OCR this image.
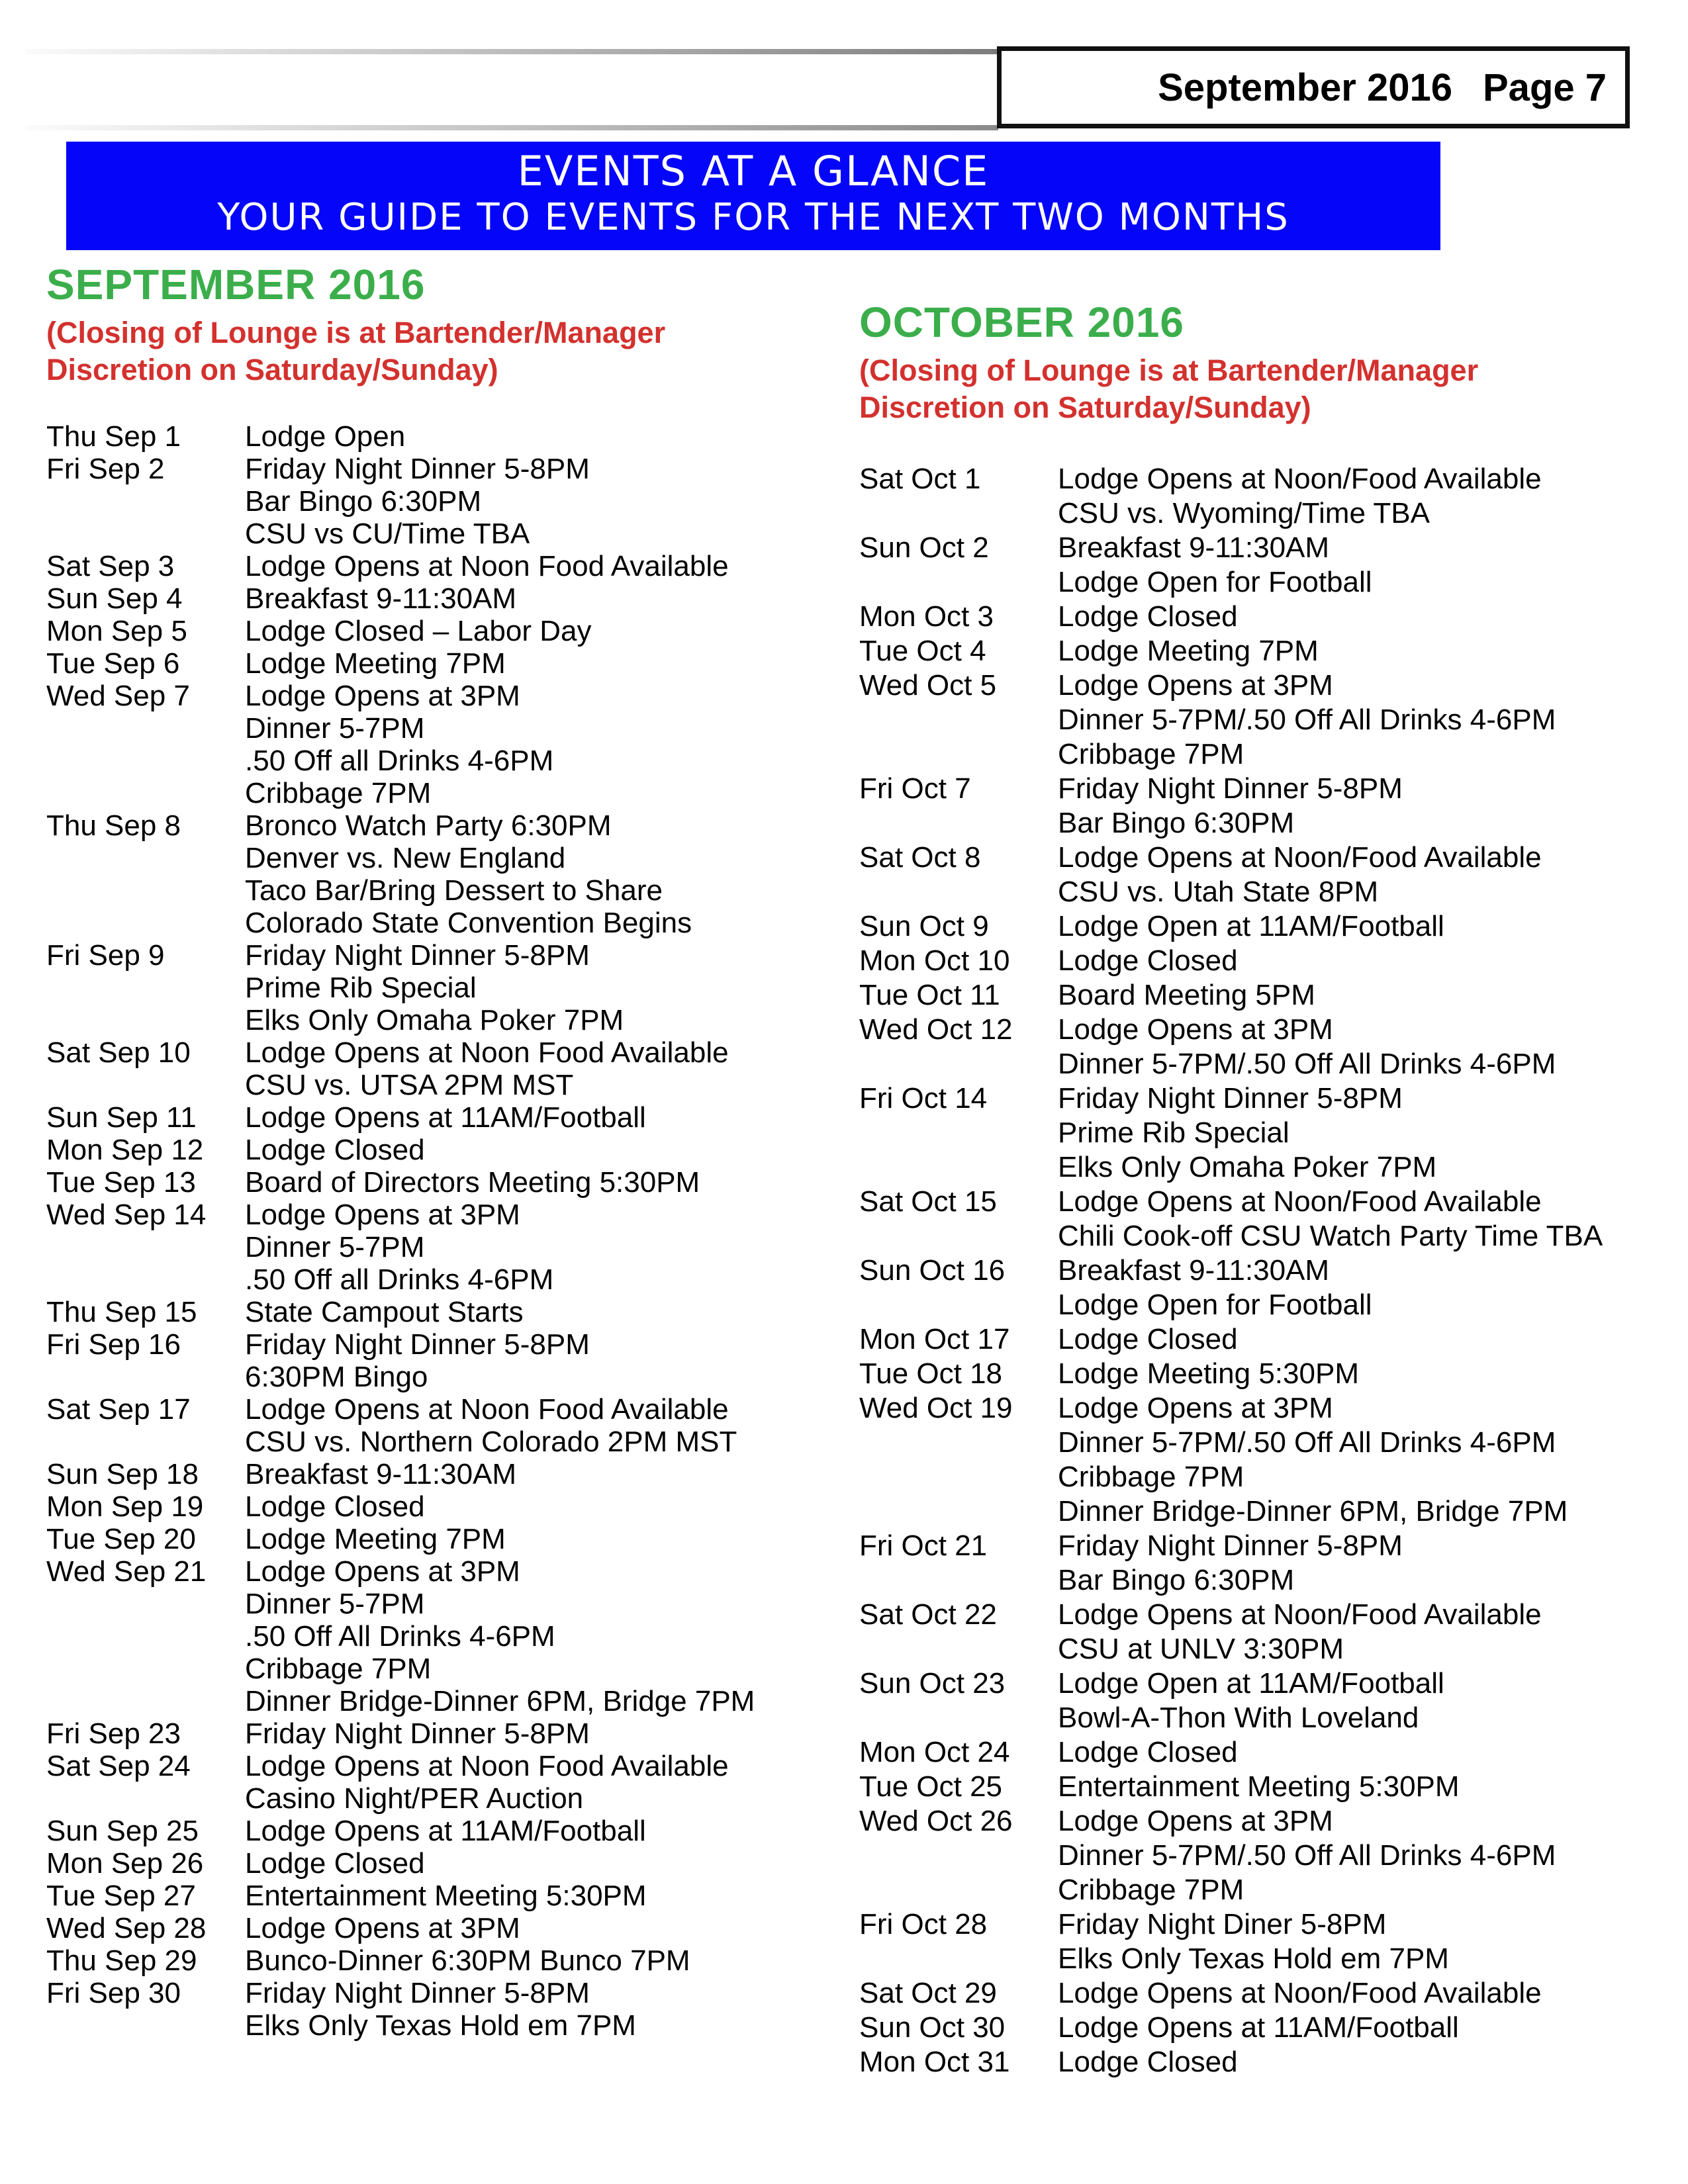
September 2016 Page 7
EVENTS AT A GLANCE
YOUR GUIDE TO EVENTS FOR THE NEXT TWO MONTHS
SEPTEMBER 2016
(Closing of Lounge is at Bartender/Manager Discretion on Saturday/Sunday)
Thu Sep 1	Lodge Open
Fri Sep 2	Friday Night Dinner 5-8PM
Bar Bingo 6:30PM
CSU vs CU/Time TBA
Sat Sep 3	Lodge Opens at Noon Food Available
Sun Sep 4	Breakfast 9-11:30AM
Mon Sep 5	Lodge Closed – Labor Day
Tue Sep 6	Lodge Meeting 7PM
Wed Sep 7	Lodge Opens at 3PM
Dinner 5-7PM
.50 Off all Drinks 4-6PM
Cribbage 7PM
Thu Sep 8	Bronco Watch Party 6:30PM
Denver vs. New England
Taco Bar/Bring Dessert to Share
Colorado State Convention Begins
Fri Sep 9	Friday Night Dinner 5-8PM
Prime Rib Special
Elks Only Omaha Poker 7PM
Sat Sep 10	Lodge Opens at Noon Food Available
CSU vs. UTSA 2PM MST
Sun Sep 11	Lodge Opens at 11AM/Football
Mon Sep 12	Lodge Closed
Tue Sep 13	Board of Directors Meeting 5:30PM
Wed Sep 14	Lodge Opens at 3PM
Dinner 5-7PM
.50 Off all Drinks 4-6PM
Thu Sep 15	State Campout Starts
Fri Sep 16	Friday Night Dinner 5-8PM
6:30PM Bingo
Sat Sep 17	Lodge Opens at Noon Food Available
CSU vs. Northern Colorado 2PM MST
Sun Sep 18	Breakfast 9-11:30AM
Mon Sep 19	Lodge Closed
Tue Sep 20	Lodge Meeting 7PM
Wed Sep 21	Lodge Opens at 3PM
Dinner 5-7PM
.50 Off All Drinks 4-6PM
Cribbage 7PM
Dinner Bridge-Dinner 6PM, Bridge 7PM
Fri Sep 23	Friday Night Dinner 5-8PM
Sat Sep 24	Lodge Opens at Noon Food Available
Casino Night/PER Auction
Sun Sep 25	Lodge Opens at 11AM/Football
Mon Sep 26	Lodge Closed
Tue Sep 27	Entertainment Meeting 5:30PM
Wed Sep 28	Lodge Opens at 3PM
Thu Sep 29	Bunco-Dinner 6:30PM Bunco 7PM
Fri Sep 30	Friday Night Dinner 5-8PM
Elks Only Texas Hold em 7PM
OCTOBER 2016
(Closing of Lounge is at Bartender/Manager Discretion on Saturday/Sunday)
Sat Oct 1	Lodge Opens at Noon/Food Available
CSU vs. Wyoming/Time TBA
Sun Oct 2	Breakfast 9-11:30AM
Lodge Open for Football
Mon Oct 3	Lodge Closed
Tue Oct 4	Lodge Meeting 7PM
Wed Oct 5	Lodge Opens at 3PM
Dinner 5-7PM/.50 Off All Drinks 4-6PM
Cribbage 7PM
Fri Oct 7	Friday Night Dinner 5-8PM
Bar Bingo 6:30PM
Sat Oct 8	Lodge Opens at Noon/Food Available
CSU vs. Utah State 8PM
Sun Oct 9	Lodge Open at 11AM/Football
Mon Oct 10	Lodge Closed
Tue Oct 11	Board Meeting 5PM
Wed Oct 12	Lodge Opens at 3PM
Dinner 5-7PM/.50 Off All Drinks 4-6PM
Fri Oct 14	Friday Night Dinner 5-8PM
Prime Rib Special
Elks Only Omaha Poker 7PM
Sat Oct 15	Lodge Opens at Noon/Food Available
Chili Cook-off CSU Watch Party Time TBA
Sun Oct 16	Breakfast 9-11:30AM
Lodge Open for Football
Mon Oct 17	Lodge Closed
Tue Oct 18	Lodge Meeting 5:30PM
Wed Oct 19	Lodge Opens at 3PM
Dinner 5-7PM/.50 Off All Drinks 4-6PM
Cribbage 7PM
Dinner Bridge-Dinner 6PM, Bridge 7PM
Fri Oct 21	Friday Night Dinner 5-8PM
Bar Bingo 6:30PM
Sat Oct 22	Lodge Opens at Noon/Food Available
CSU at UNLV 3:30PM
Sun Oct 23	Lodge Open at 11AM/Football
Bowl-A-Thon With Loveland
Mon Oct 24	Lodge Closed
Tue Oct 25	Entertainment Meeting 5:30PM
Wed Oct 26	Lodge Opens at 3PM
Dinner 5-7PM/.50 Off All Drinks 4-6PM
Cribbage 7PM
Fri Oct 28	Friday Night Diner 5-8PM
Elks Only Texas Hold em 7PM
Sat Oct 29	Lodge Opens at Noon/Food Available
Sun Oct 30	Lodge Opens at 11AM/Football
Mon Oct 31	Lodge Closed
